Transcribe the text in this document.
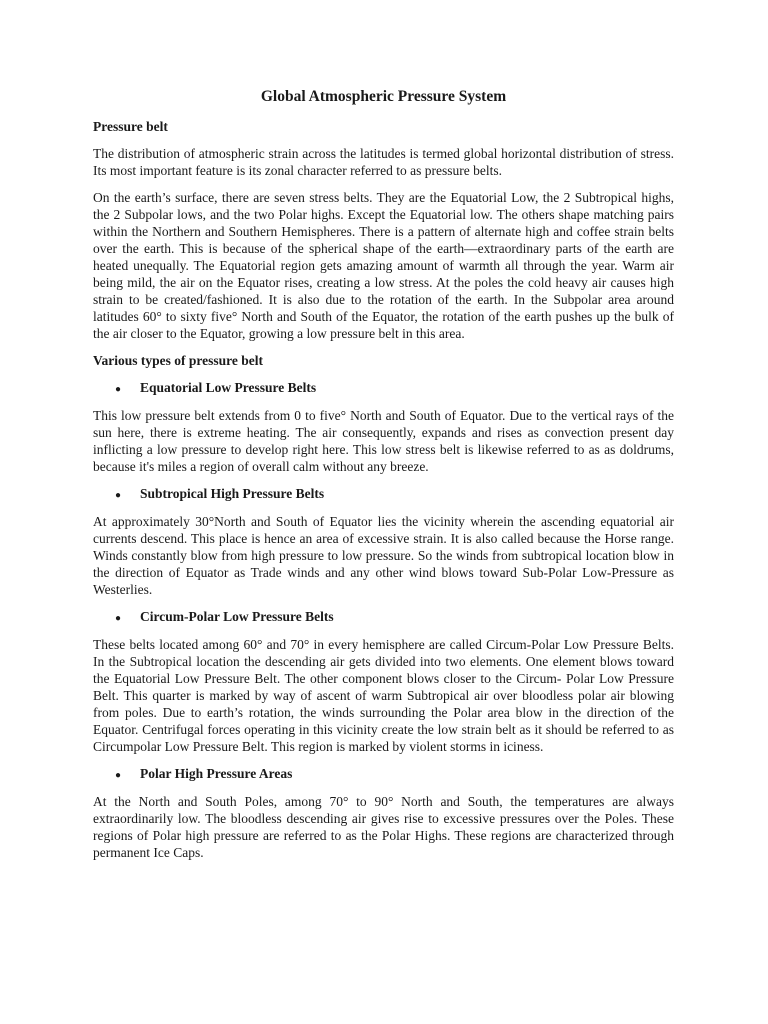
Global Atmospheric Pressure System
Pressure belt

The distribution of atmospheric strain across the latitudes is termed global horizontal distribution of stress. Its most important feature is its zonal character referred to as pressure belts.

On the earth’s surface, there are seven stress belts. They are the Equatorial Low, the 2 Subtropical highs, the 2 Subpolar lows, and the two Polar highs. Except the Equatorial low. The others shape matching pairs within the Northern and Southern Hemispheres. There is a pattern of alternate high and coffee strain belts over the earth. This is because of the spherical shape of the earth—extraordinary parts of the earth are heated unequally. The Equatorial region gets amazing amount of warmth all through the year. Warm air being mild, the air on the Equator rises, creating a low stress. At the poles the cold heavy air causes high strain to be created/fashioned. It is also due to the rotation of the earth. In the Subpolar area around latitudes 60° to sixty five° North and South of the Equator, the rotation of the earth pushes up the bulk of the air closer to the Equator, growing a low pressure belt in this area.

Various types of pressure belt
●	Equatorial Low Pressure Belts

This low pressure belt extends from 0 to five° North and South of Equator. Due to the vertical rays of the sun here, there is extreme heating. The air consequently, expands and rises as convection present day inflicting a low pressure to develop right here. This low stress belt is likewise referred to as as doldrums, because it's miles a region of overall calm without any breeze.

●	Subtropical High Pressure Belts

At approximately 30°North and South of Equator lies the vicinity wherein the ascending equatorial air currents descend. This place is hence an area of excessive strain. It is also called because the Horse range. Winds constantly blow from high pressure to low pressure. So the winds from subtropical location blow in the direction of Equator as Trade winds and any other wind blows toward Sub-Polar Low-Pressure as Westerlies.

●	Circum-Polar Low Pressure Belts

These belts located among 60° and 70° in every hemisphere are called Circum-Polar Low Pressure Belts. In the Subtropical location the descending air gets divided into two elements. One element blows toward the Equatorial Low Pressure Belt. The other component blows closer to the Circum- Polar Low Pressure Belt. This quarter is marked by way of ascent of warm Subtropical air over bloodless polar air blowing from poles. Due to earth’s rotation, the winds surrounding the Polar area blow in the direction of the Equator. Centrifugal forces operating in this vicinity create the low strain belt as it should be referred to as Circumpolar Low Pressure Belt. This region is marked by violent storms in iciness.

●	Polar High Pressure Areas

At the North and South Poles, among 70° to 90° North and South, the temperatures are always extraordinarily low. The bloodless descending air gives rise to excessive pressures over the Poles. These regions of Polar high pressure are referred to as the Polar Highs. These regions are characterized through permanent Ice Caps.
